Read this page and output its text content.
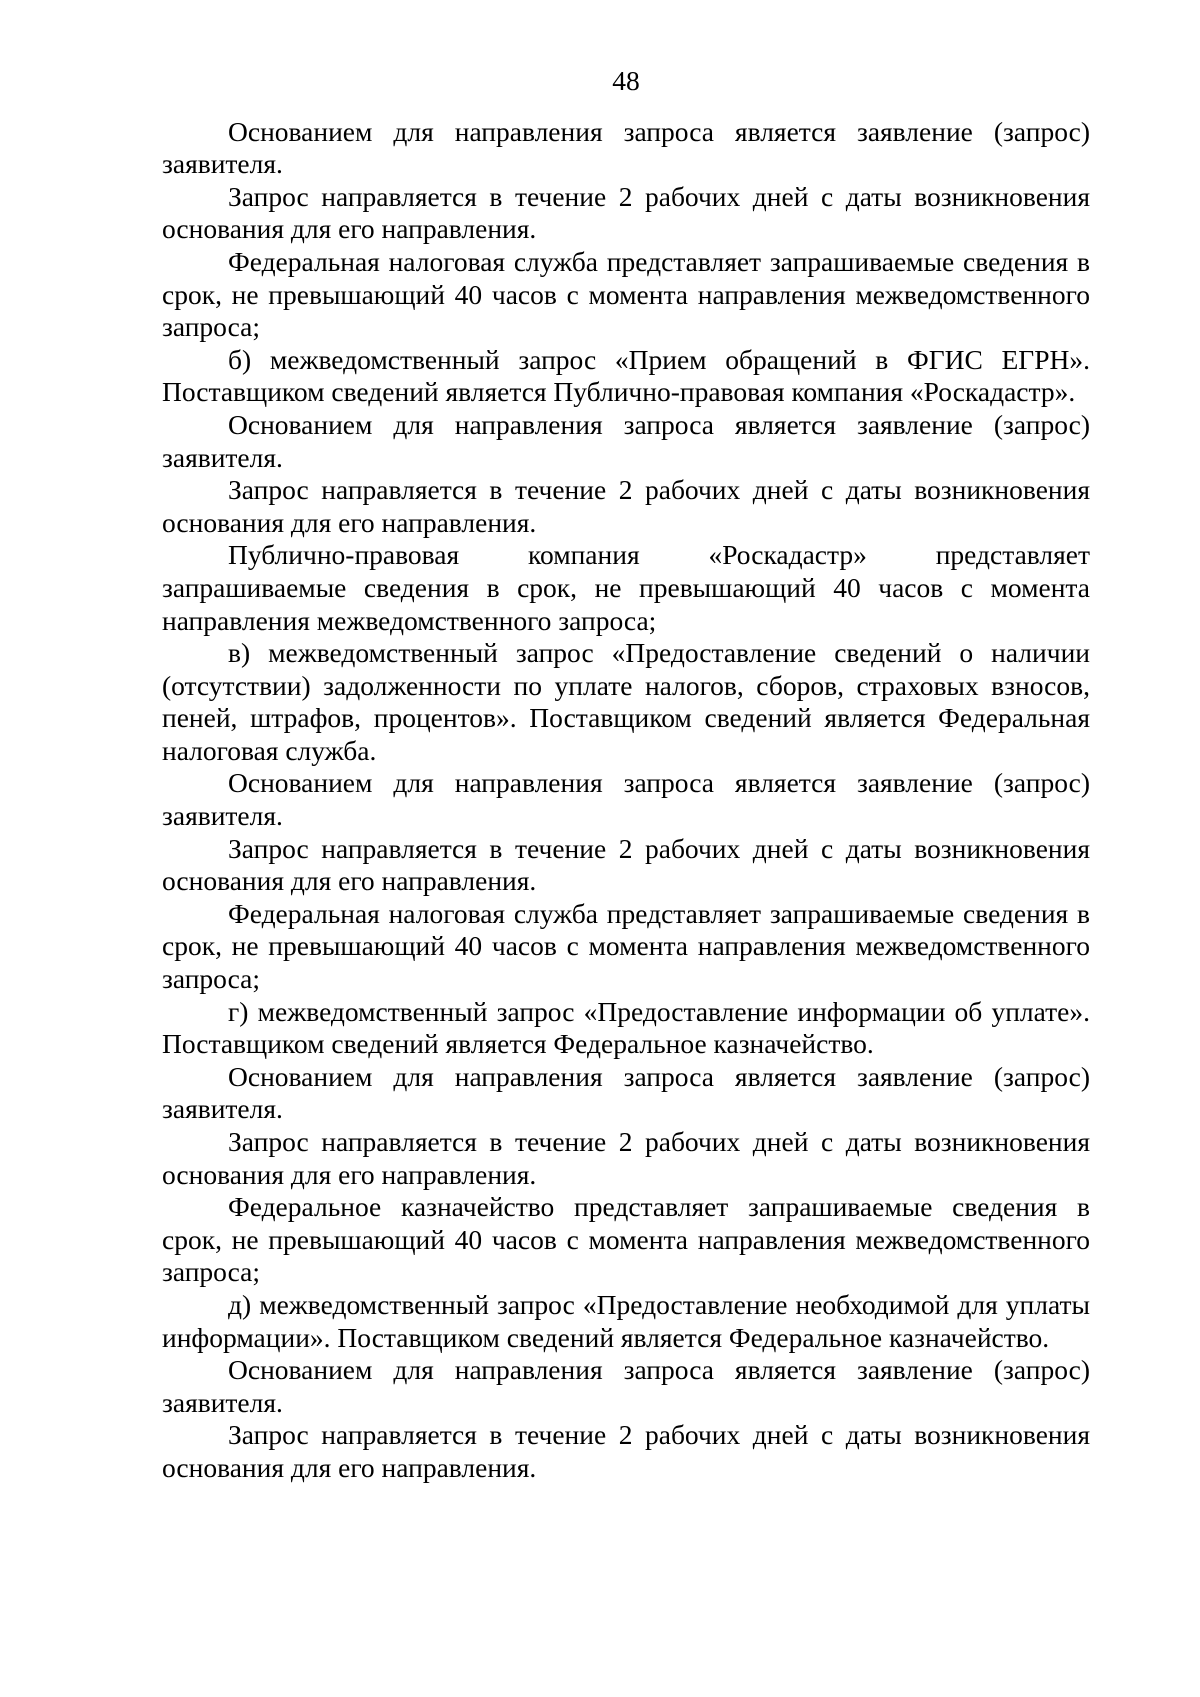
48

Основанием для направления запроса является заявление (запрос) заявителя.

Запрос направляется в течение 2 рабочих дней с даты возникновения основания для его направления.

Федеральная налоговая служба представляет запрашиваемые сведения в срок, не превышающий 40 часов с момента направления межведомственного запроса;

б) межведомственный запрос «Прием обращений в ФГИС ЕГРН». Поставщиком сведений является Публично-правовая компания «Роскадастр».

Основанием для направления запроса является заявление (запрос) заявителя.

Запрос направляется в течение 2 рабочих дней с даты возникновения основания для его направления.

Публично-правовая компания «Роскадастр» представляет запрашиваемые сведения в срок, не превышающий 40 часов с момента направления межведомственного запроса;

в) межведомственный запрос «Предоставление сведений о наличии (отсутствии) задолженности по уплате налогов, сборов, страховых взносов, пеней, штрафов, процентов». Поставщиком сведений является Федеральная налоговая служба.

Основанием для направления запроса является заявление (запрос) заявителя.

Запрос направляется в течение 2 рабочих дней с даты возникновения основания для его направления.

Федеральная налоговая служба представляет запрашиваемые сведения в срок, не превышающий 40 часов с момента направления межведомственного запроса;

г) межведомственный запрос «Предоставление информации об уплате». Поставщиком сведений является Федеральное казначейство.

Основанием для направления запроса является заявление (запрос) заявителя.

Запрос направляется в течение 2 рабочих дней с даты возникновения основания для его направления.

Федеральное казначейство представляет запрашиваемые сведения в срок, не превышающий 40 часов с момента направления межведомственного запроса;

д) межведомственный запрос «Предоставление необходимой для уплаты информации». Поставщиком сведений является Федеральное казначейство.

Основанием для направления запроса является заявление (запрос) заявителя.

Запрос направляется в течение 2 рабочих дней с даты возникновения основания для его направления.
